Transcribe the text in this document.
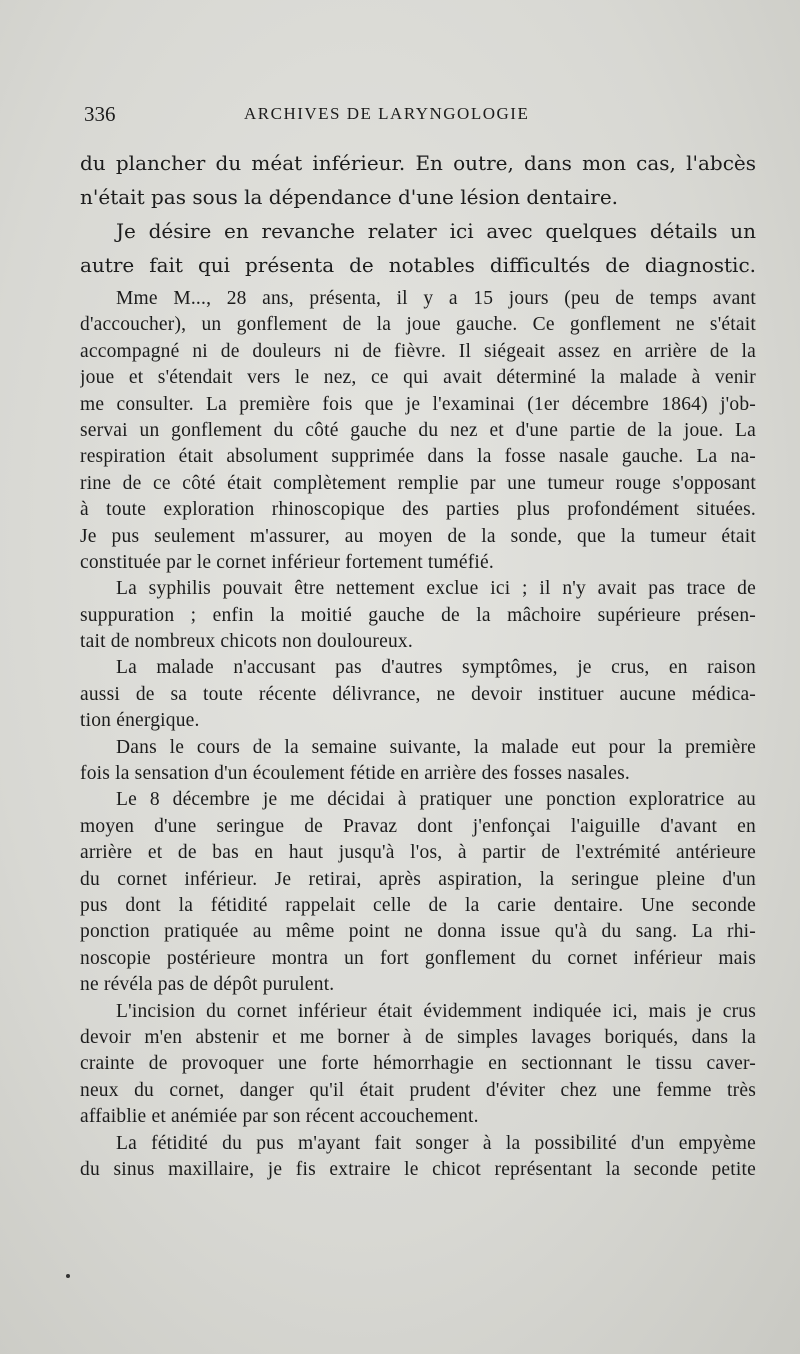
336	ARCHIVES DE LARYNGOLOGIE
du plancher du méat inférieur. En outre, dans mon cas, l'abcès
n'était pas sous la dépendance d'une lésion dentaire.
Je désire en revanche relater ici avec quelques détails un
autre fait qui présenta de notables difficultés de diagnostic.
Mme M..., 28 ans, présenta, il y a 15 jours (peu de temps avant
d'accoucher), un gonflement de la joue gauche. Ce gonflement ne s'était
accompagné ni de douleurs ni de fièvre. Il siégeait assez en arrière de la
joue et s'étendait vers le nez, ce qui avait déterminé la malade à venir
me consulter. La première fois que je l'examinai (1er décembre 1864) j'ob-
servai un gonflement du côté gauche du nez et d'une partie de la joue. La
respiration était absolument supprimée dans la fosse nasale gauche. La na-
rine de ce côté était complètement remplie par une tumeur rouge s'opposant
à toute exploration rhinoscopique des parties plus profondément situées.
Je pus seulement m'assurer, au moyen de la sonde, que la tumeur était
constituée par le cornet inférieur fortement tuméfié.
La syphilis pouvait être nettement exclue ici ; il n'y avait pas trace de
suppuration ; enfin la moitié gauche de la mâchoire supérieure présen-
tait de nombreux chicots non douloureux.
La malade n'accusant pas d'autres symptômes, je crus, en raison
aussi de sa toute récente délivrance, ne devoir instituer aucune médica-
tion énergique.
Dans le cours de la semaine suivante, la malade eut pour la première
fois la sensation d'un écoulement fétide en arrière des fosses nasales.
Le 8 décembre je me décidai à pratiquer une ponction exploratrice au
moyen d'une seringue de Pravaz dont j'enfonçai l'aiguille d'avant en
arrière et de bas en haut jusqu'à l'os, à partir de l'extrémité antérieure
du cornet inférieur. Je retirai, après aspiration, la seringue pleine d'un
pus dont la fétidité rappelait celle de la carie dentaire. Une seconde
ponction pratiquée au même point ne donna issue qu'à du sang. La rhi-
noscopie postérieure montra un fort gonflement du cornet inférieur mais
ne révéla pas de dépôt purulent.
L'incision du cornet inférieur était évidemment indiquée ici, mais je crus
devoir m'en abstenir et me borner à de simples lavages boriqués, dans la
crainte de provoquer une forte hémorrhagie en sectionnant le tissu caver-
neux du cornet, danger qu'il était prudent d'éviter chez une femme très
affaiblie et anémiée par son récent accouchement.
La fétidité du pus m'ayant fait songer à la possibilité d'un empyème
du sinus maxillaire, je fis extraire le chicot représentant la seconde petite
